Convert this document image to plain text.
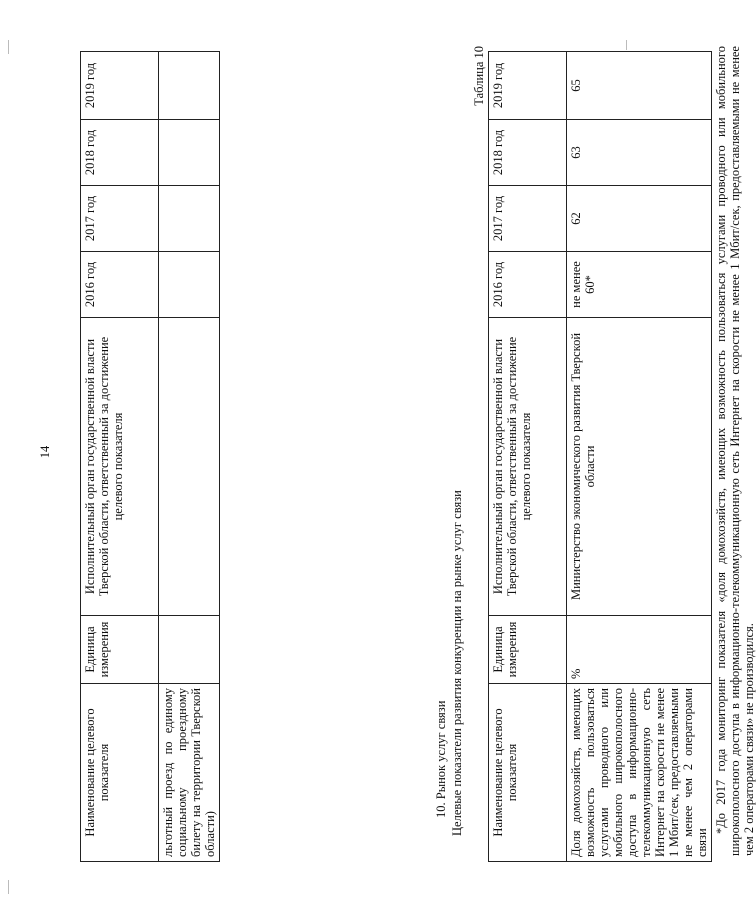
14
Наименование целевого показателя	Единица измерения	Исполнительный орган государственной власти Тверской области, ответственный за достижение целевого показателя	2016 год	2017 год	2018 год	2019 год
льготный проезд по единому социальному проездному билету на территории Тверской области)						
10. Рынок услуг связи Целевые показатели развития конкуренции на рынке услуг связи
Таблица 10
Наименование целевого показателя	Единица измерения	Исполнительный орган государственной власти Тверской области, ответственный за достижение целевого показателя	2016 год	2017 год	2018 год	2019 год
Доля домохозяйств, имеющих возможность пользоваться услугами проводного или мобильного широкополосного доступа в информационно-телекоммуникационную сеть Интернет на скорости не менее 1 Мбит/сек, предоставляемыми не менее чем 2 операторами связи	%	Министерство экономического развития Тверской области	не менее 60*	62	63	65	*До 2017 года мониторинг показателя «доля домохозяйств, имеющих возможность пользоваться услугами проводного или мобильного широкополосного доступа в информационно-телекоммуникационную сеть Интернет на скорости не менее 1 Мбит/сек, предоставляемыми не менее чем 2 операторами связи» не производился.
